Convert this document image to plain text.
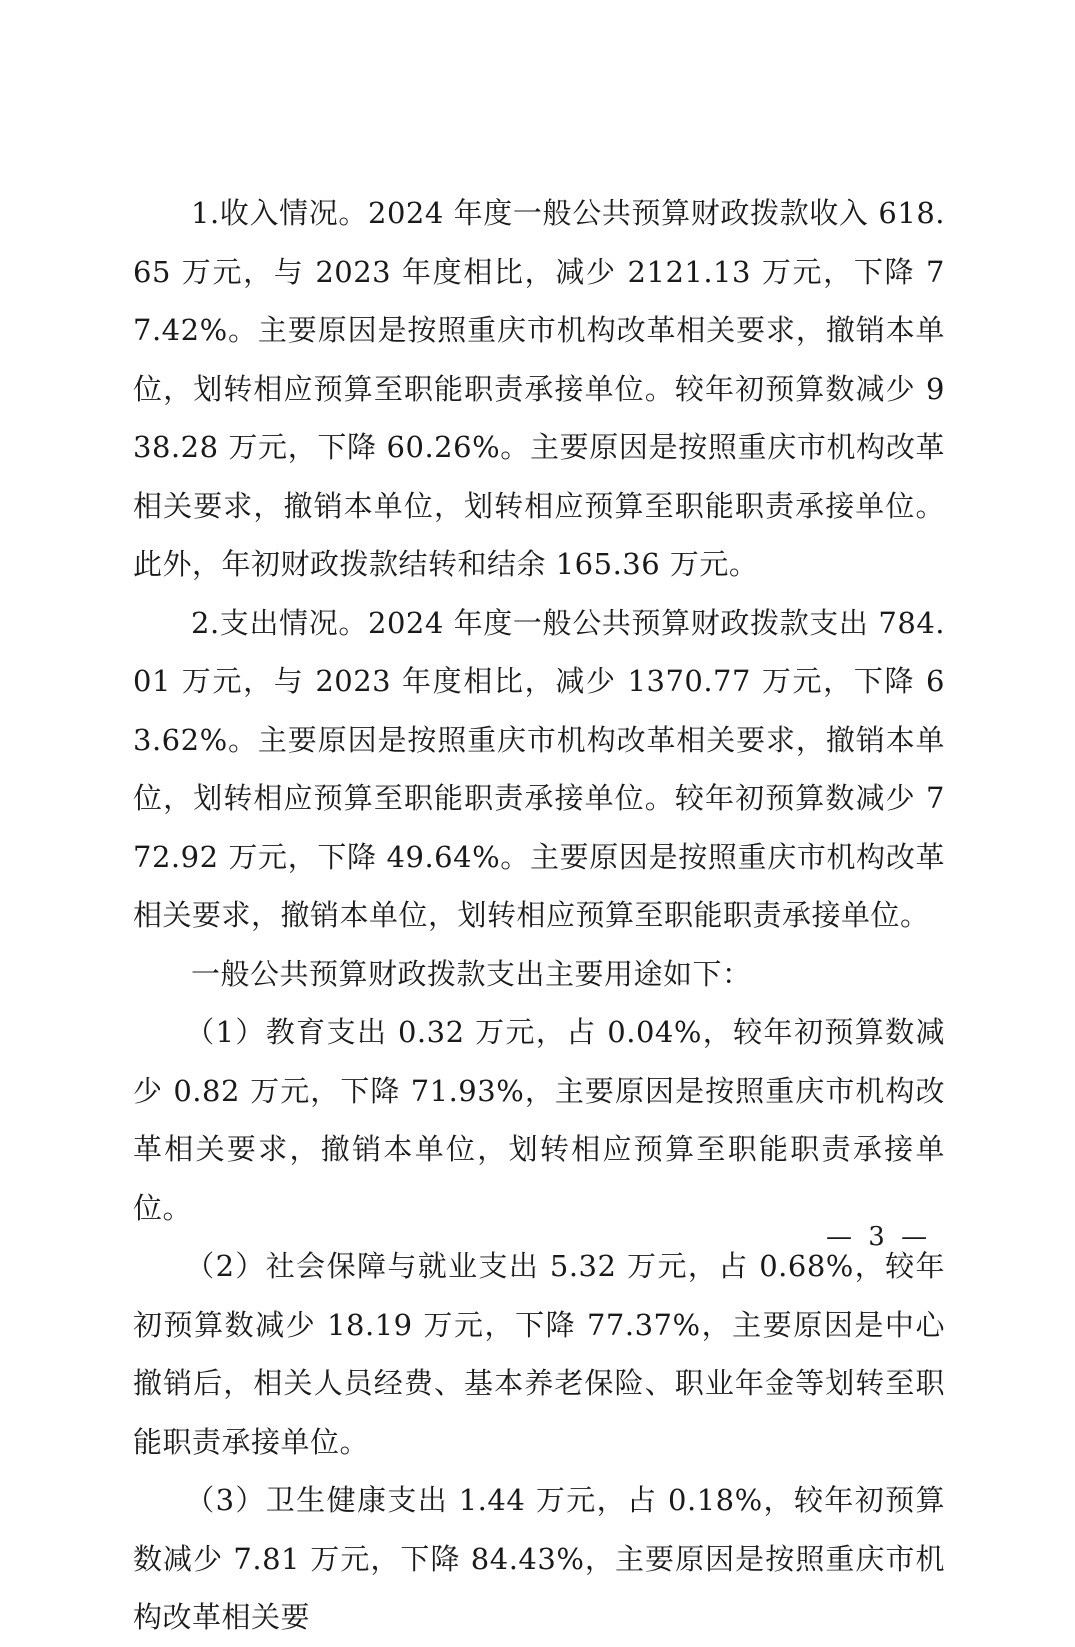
1.收入情况。2024 年度一般公共预算财政拨款收入 618.65 万元，与 2023 年度相比，减少 2121.13 万元，下降 77.42%。主要原因是按照重庆市机构改革相关要求，撤销本单位，划转相应预算至职能职责承接单位。较年初预算数减少 938.28 万元，下降 60.26%。主要原因是按照重庆市机构改革相关要求，撤销本单位，划转相应预算至职能职责承接单位。此外，年初财政拨款结转和结余 165.36 万元。

2.支出情况。2024 年度一般公共预算财政拨款支出 784.01 万元，与 2023 年度相比，减少 1370.77 万元，下降 63.62%。主要原因是按照重庆市机构改革相关要求，撤销本单位，划转相应预算至职能职责承接单位。较年初预算数减少 772.92 万元，下降 49.64%。主要原因是按照重庆市机构改革相关要求，撤销本单位，划转相应预算至职能职责承接单位。

一般公共预算财政拨款支出主要用途如下：

（1）教育支出 0.32 万元，占 0.04%，较年初预算数减少 0.82 万元，下降 71.93%，主要原因是按照重庆市机构改革相关要求，撤销本单位，划转相应预算至职能职责承接单位。

（2）社会保障与就业支出 5.32 万元，占 0.68%，较年初预算数减少 18.19 万元，下降 77.37%，主要原因是中心撤销后，相关人员经费、基本养老保险、职业年金等划转至职能职责承接单位。

（3）卫生健康支出 1.44 万元，占 0.18%，较年初预算数减少 7.81 万元，下降 84.43%，主要原因是按照重庆市机构改革相关要

— 3 —
